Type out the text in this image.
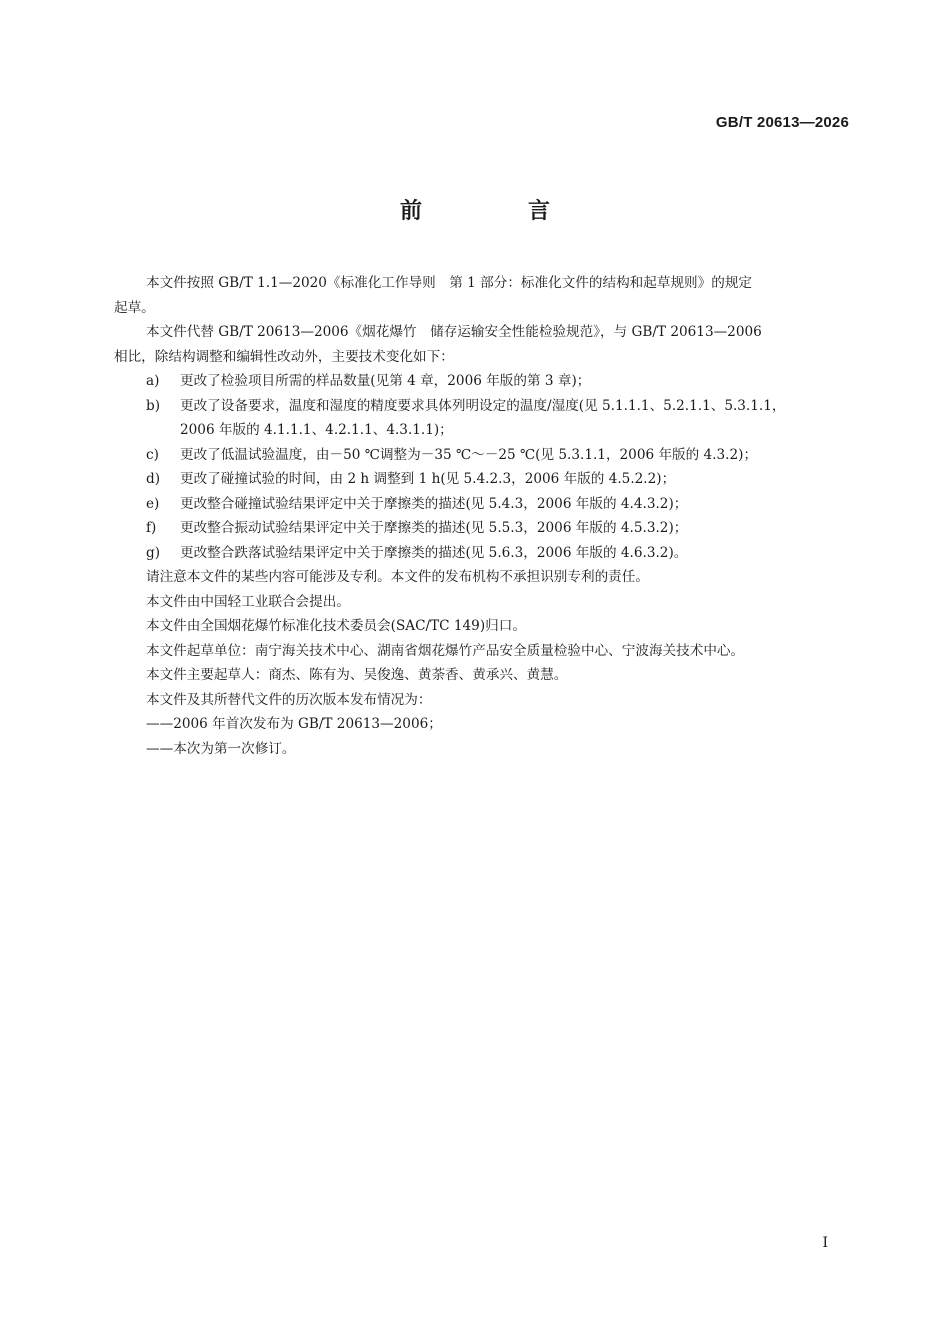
GB/T 20613—2026
前　言

本文件按照 GB/T 1.1—2020《标准化工作导则　第 1 部分：标准化文件的结构和起草规则》的规定

起草。

本文件代替 GB/T 20613—2006《烟花爆竹　储存运输安全性能检验规范》，与 GB/T 20613—2006

相比，除结构调整和编辑性改动外，主要技术变化如下：

a)	更改了检验项目所需的样品数量(见第 4 章，2006 年版的第 3 章)；
b)	更改了设备要求，温度和湿度的精度要求具体列明设定的温度/湿度(见 5.1.1.1、5.2.1.1、5.3.1.1，
2006 年版的 4.1.1.1、4.2.1.1、4.3.1.1)；
c)	更改了低温试验温度，由－50 ℃调整为－35 ℃～－25 ℃(见 5.3.1.1，2006 年版的 4.3.2)；
d)	更改了碰撞试验的时间，由 2 h 调整到 1 h(见 5.4.2.3，2006 年版的 4.5.2.2)；
e)	更改整合碰撞试验结果评定中关于摩擦类的描述(见 5.4.3，2006 年版的 4.4.3.2)；
f)	更改整合振动试验结果评定中关于摩擦类的描述(见 5.5.3，2006 年版的 4.5.3.2)；
g)	更改整合跌落试验结果评定中关于摩擦类的描述(见 5.6.3，2006 年版的 4.6.3.2)。

请注意本文件的某些内容可能涉及专利。本文件的发布机构不承担识别专利的责任。

本文件由中国轻工业联合会提出。

本文件由全国烟花爆竹标准化技术委员会(SAC/TC 149)归口。

本文件起草单位：南宁海关技术中心、湖南省烟花爆竹产品安全质量检验中心、宁波海关技术中心。

本文件主要起草人：商杰、陈有为、吴俊逸、黄荼香、黄承兴、黄慧。

本文件及其所替代文件的历次版本发布情况为：

——2006 年首次发布为 GB/T 20613—2006；

——本次为第一次修订。

I
